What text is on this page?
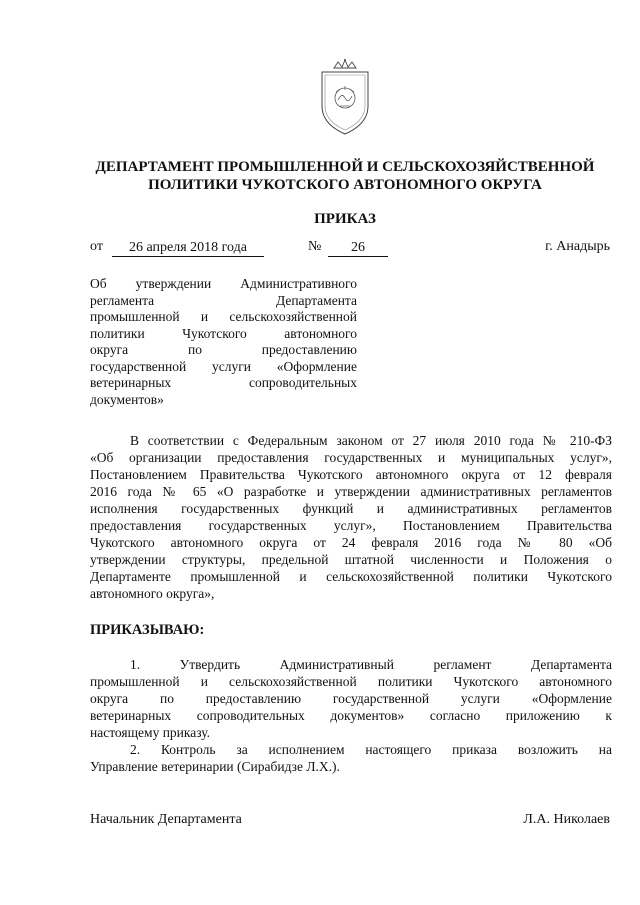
ДЕПАРТАМЕНТ ПРОМЫШЛЕННОЙ И СЕЛЬСКОХОЗЯЙСТВЕННОЙ
ПОЛИТИКИ ЧУКОТСКОГО АВТОНОМНОГО ОКРУГА
ПРИКАЗ
от	26 апреля 2018 года	№	26	г. Анадырь
Об утверждении Административного
регламента Департамента
промышленной и сельскохозяйственной
политики Чукотского автономного
округа по предоставлению
государственной услуги «Оформление
ветеринарных сопроводительных
документов»
В соответствии с Федеральным законом от 27 июля 2010 года № 210-ФЗ
«Об организации предоставления государственных и муниципальных услуг»,
Постановлением Правительства Чукотского автономного округа от 12 февраля
2016 года № 65 «О разработке и утверждении административных регламентов
исполнения государственных функций и административных регламентов
предоставления государственных услуг», Постановлением Правительства
Чукотского автономного округа от 24 февраля 2016 года № 80 «Об
утверждении структуры, предельной штатной численности и Положения о
Департаменте промышленной и сельскохозяйственной политики Чукотского
автономного округа»,
ПРИКАЗЫВАЮ:
1. Утвердить Административный регламент Департамента
промышленной и сельскохозяйственной политики Чукотского автономного
округа по предоставлению государственной услуги «Оформление
ветеринарных сопроводительных документов» согласно приложению к
настоящему приказу.
2. Контроль за исполнением настоящего приказа возложить на
Управление ветеринарии (Сирабидзе Л.Х.).
Начальник Департамента	Л.А. Николаев
